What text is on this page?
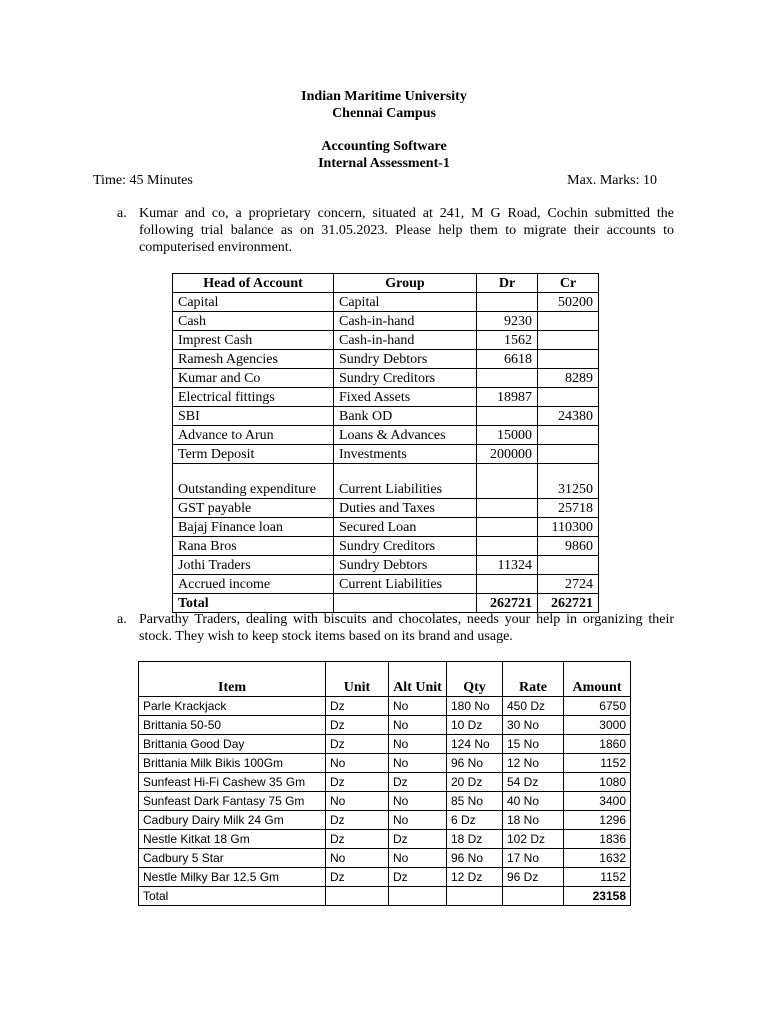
Indian Maritime University
Chennai Campus
Accounting Software
Internal Assessment-1
Time: 45 Minutes	Max. Marks: 10
a. Kumar and co, a proprietary concern, situated at 241, M G Road, Cochin submitted the following trial balance as on 31.05.2023. Please help them to migrate their accounts to computerised environment.
Head of Account	Group	Dr	Cr
Capital	Capital		50200
Cash	Cash-in-hand	9230	
Imprest Cash	Cash-in-hand	1562	
Ramesh Agencies	Sundry Debtors	6618	
Kumar and Co	Sundry Creditors		8289
Electrical fittings	Fixed Assets	18987	
SBI	Bank OD		24380
Advance to Arun	Loans & Advances	15000	
Term Deposit	Investments	200000	
Outstanding expenditure	Current Liabilities		31250
GST payable	Duties and Taxes		25718
Bajaj Finance loan	Secured Loan		110300
Rana Bros	Sundry Creditors		9860
Jothi Traders	Sundry Debtors	11324	
Accrued income	Current Liabilities		2724
Total		262721	262721
a. Parvathy Traders, dealing with biscuits and chocolates, needs your help in organizing their stock. They wish to keep stock items based on its brand and usage.
Item	Unit	Alt Unit	Qty	Rate	Amount
Parle Krackjack	Dz	No	180 No	450 Dz	6750
Brittania 50-50	Dz	No	10 Dz	30 No	3000
Brittania Good Day	Dz	No	124 No	15 No	1860
Brittania Milk Bikis 100Gm	No	No	96 No	12 No	1152
Sunfeast Hi-Fi Cashew 35 Gm	Dz	Dz	20 Dz	54 Dz	1080
Sunfeast Dark Fantasy 75 Gm	No	No	85 No	40 No	3400
Cadbury Dairy Milk 24 Gm	Dz	No	6 Dz	18 No	1296
Nestle Kitkat 18 Gm	Dz	Dz	18 Dz	102 Dz	1836
Cadbury 5 Star	No	No	96 No	17 No	1632
Nestle Milky Bar 12.5 Gm	Dz	Dz	12 Dz	96 Dz	1152
Total					23158
